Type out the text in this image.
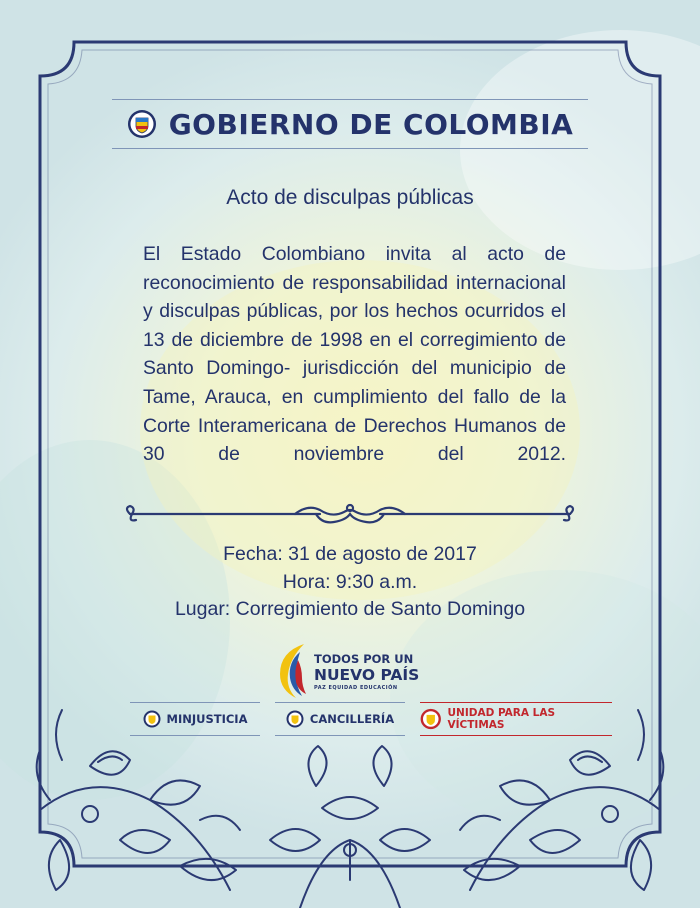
GOBIERNO DE COLOMBIA
Acto de disculpas públicas
El Estado Colombiano invita al acto de reconocimiento de responsabilidad internacional y disculpas públicas, por los hechos ocurridos el 13 de diciembre de 1998 en el corregimiento de Santo Domingo- jurisdicción del municipio de Tame, Arauca, en cumplimiento del fallo de la Corte Interamericana de Derechos Humanos de 30 de noviembre del 2012.
Fecha: 31 de agosto de 2017
Hora: 9:30 a.m.
Lugar: Corregimiento de Santo Domingo
TODOS POR UN
NUEVO PAÍS
PAZ EQUIDAD EDUCACIÓN
MINJUSTICIA	CANCILLERÍA	UNIDAD PARA LAS VÍCTIMAS
